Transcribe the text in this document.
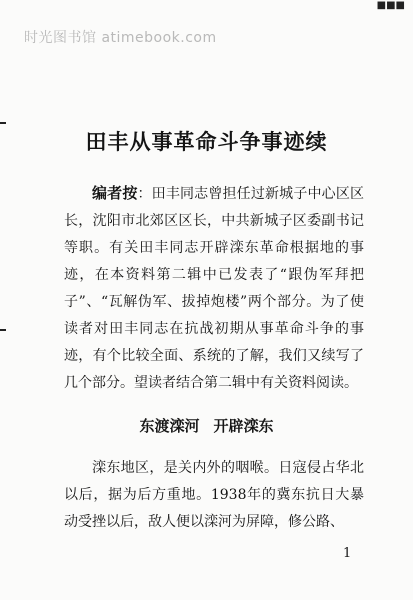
时光图书馆 atimebook.com
■■■
田丰从事革命斗争事迹续

编者按：田丰同志曾担任过新城子中心区区长，沈阳市北郊区区长，中共新城子区委副书记等职。有关田丰同志开辟滦东革命根据地的事迹，在本资料第二辑中已发表了“跟伪军拜把子”、“瓦解伪军、拔掉炮楼”两个部分。为了使读者对田丰同志在抗战初期从事革命斗争的事迹，有个比较全面、系统的了解，我们又续写了几个部分。望读者结合第二辑中有关资料阅读。

东渡滦河 开辟滦东

滦东地区，是关内外的咽喉。日寇侵占华北以后，据为后方重地。1938年的冀东抗日大暴动受挫以后，敌人便以滦河为屏障，修公路、

1
